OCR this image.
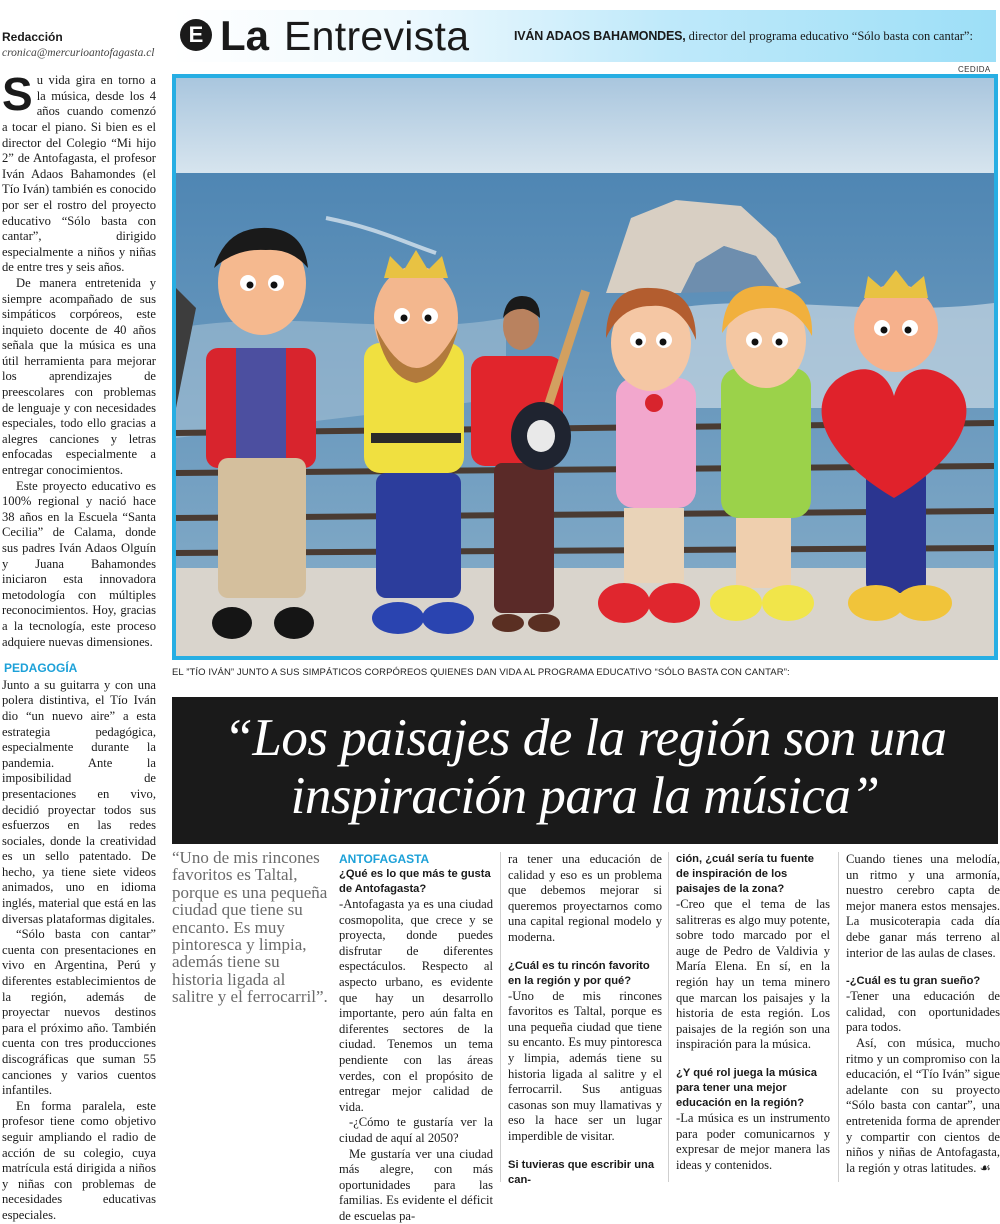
Redacción
cronica@mercurioantofagasta.cl
Su vida gira en torno a la música, desde los 4 años cuando comenzó a tocar el piano. Si bien es el director del Colegio “Mi hijo 2” de Antofagasta, el profesor Iván Adaos Bahamondes (el Tío Iván) también es conocido por ser el rostro del proyecto educativo “Sólo basta con cantar”, dirigido especialmente a niños y niñas de entre tres y seis años.
De manera entretenida y siempre acompañado de sus simpáticos corpóreos, este inquieto docente de 40 años señala que la música es una útil herramienta para mejorar los aprendizajes de preescolares con problemas de lenguaje y con necesidades especiales, todo ello gracias a alegres canciones y letras enfocadas especialmente a entregar conocimientos.
Este proyecto educativo es 100% regional y nació hace 38 años en la Escuela “Santa Cecilia” de Calama, donde sus padres Iván Adaos Olguín y Juana Bahamondes iniciaron esta innovadora metodología con múltiples reconocimientos. Hoy, gracias a la tecnología, este proceso adquiere nuevas dimensiones.
PEDAGOGÍA
Junto a su guitarra y con una polera distintiva, el Tío Iván dio “un nuevo aire” a esta estrategia pedagógica, especialmente durante la pandemia. Ante la imposibilidad de presentaciones en vivo, decidió proyectar todos sus esfuerzos en las redes sociales, donde la creatividad es un sello patentado. De hecho, ya tiene siete videos animados, uno en idioma inglés, material que está en las diversas plataformas digitales.
“Sólo basta con cantar” cuenta con presentaciones en vivo en Argentina, Perú y diferentes establecimientos de la región, además de proyectar nuevos destinos para el próximo año. También cuenta con tres producciones discográficas que suman 55 canciones y varios cuentos infantiles.
En forma paralela, este profesor tiene como objetivo seguir ampliando el radio de acción de su colegio, cuya matrícula está dirigida a niños y niñas con problemas de necesidades educativas especiales.
E La Entrevista	IVÁN ADAOS BAHAMONDES, director del programa educativo “Sólo basta con cantar”:
CEDIDA
EL ”TÍO IVÁN” JUNTO A SUS SIMPÁTICOS CORPÓREOS QUIENES DAN VIDA AL PROGRAMA EDUCATIVO “SÓLO BASTA CON CANTAR”:
“Los paisajes de la región son una
inspiración para la música”
“Uno de mis rincones favoritos es Taltal, porque es una pequeña ciudad que tiene su encanto. Es muy pintoresca y limpia, además tiene su historia ligada al salitre y el ferrocarril”.
ANTOFAGASTA
¿Qué es lo que más te gusta de Antofagasta?
-Antofagasta ya es una ciudad cosmopolita, que crece y se proyecta, donde puedes disfrutar de diferentes espectáculos. Respecto al aspecto urbano, es evidente que hay un desarrollo importante, pero aún falta en diferentes sectores de la ciudad. Tenemos un tema pendiente con las áreas verdes, con el propósito de entregar mejor calidad de vida.
-¿Cómo te gustaría ver la ciudad de aquí al 2050?
Me gustaría ver una ciudad más alegre, con más oportunidades para las familias. Es evidente el déficit de escuelas pa-
ra tener una educación de calidad y eso es un problema que debemos mejorar si queremos proyectarnos como una capital regional modelo y moderna.
¿Cuál es tu rincón favorito en la región y por qué?
-Uno de mis rincones favoritos es Taltal, porque es una pequeña ciudad que tiene su encanto. Es muy pintoresca y limpia, además tiene su historia ligada al salitre y el ferrocarril. Sus antiguas casonas son muy llamativas y eso la hace ser un lugar imperdible de visitar.
Si tuvieras que escribir una can-
ción, ¿cuál sería tu fuente de inspiración de los paisajes de la zona?
-Creo que el tema de las salitreras es algo muy potente, sobre todo marcado por el auge de Pedro de Valdivia y María Elena. En sí, en la región hay un tema minero que marcan los paisajes y la historia de esta región. Los paisajes de la región son una inspiración para la música.
¿Y qué rol juega la música para tener una mejor educación en la región?
-La música es un instrumento para poder comunicarnos y expresar de mejor manera las ideas y contenidos.
Cuando tienes una melodía, un ritmo y una armonía, nuestro cerebro capta de mejor manera estos mensajes. La musicoterapia cada día debe ganar más terreno al interior de las aulas de clases.
-¿Cuál es tu gran sueño?
-Tener una educación de calidad, con oportunidades para todos.
Así, con música, mucho ritmo y un compromiso con la educación, el “Tío Iván” sigue adelante con su proyecto “Sólo basta con cantar”, una entretenida forma de aprender y compartir con cientos de niños y niñas de Antofagasta, la región y otras latitudes. ☙
